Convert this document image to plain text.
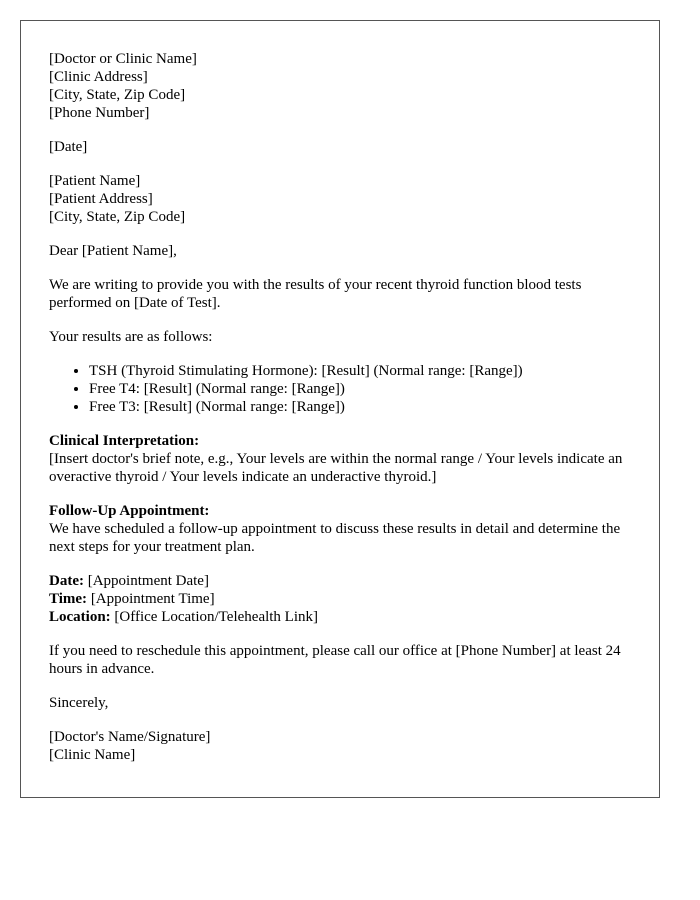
[Doctor or Clinic Name]
[Clinic Address]
[City, State, Zip Code]
[Phone Number]

[Date]

[Patient Name]
[Patient Address]
[City, State, Zip Code]

Dear [Patient Name],

We are writing to provide you with the results of your recent thyroid function blood tests performed on [Date of Test].

Your results are as follows:

• TSH (Thyroid Stimulating Hormone): [Result] (Normal range: [Range])
• Free T4: [Result] (Normal range: [Range])
• Free T3: [Result] (Normal range: [Range])

Clinical Interpretation:
[Insert doctor's brief note, e.g., Your levels are within the normal range / Your levels indicate an overactive thyroid / Your levels indicate an underactive thyroid.]

Follow-Up Appointment:
We have scheduled a follow-up appointment to discuss these results in detail and determine the next steps for your treatment plan.

Date: [Appointment Date]
Time: [Appointment Time]
Location: [Office Location/Telehealth Link]

If you need to reschedule this appointment, please call our office at [Phone Number] at least 24 hours in advance.

Sincerely,

[Doctor's Name/Signature]
[Clinic Name]
